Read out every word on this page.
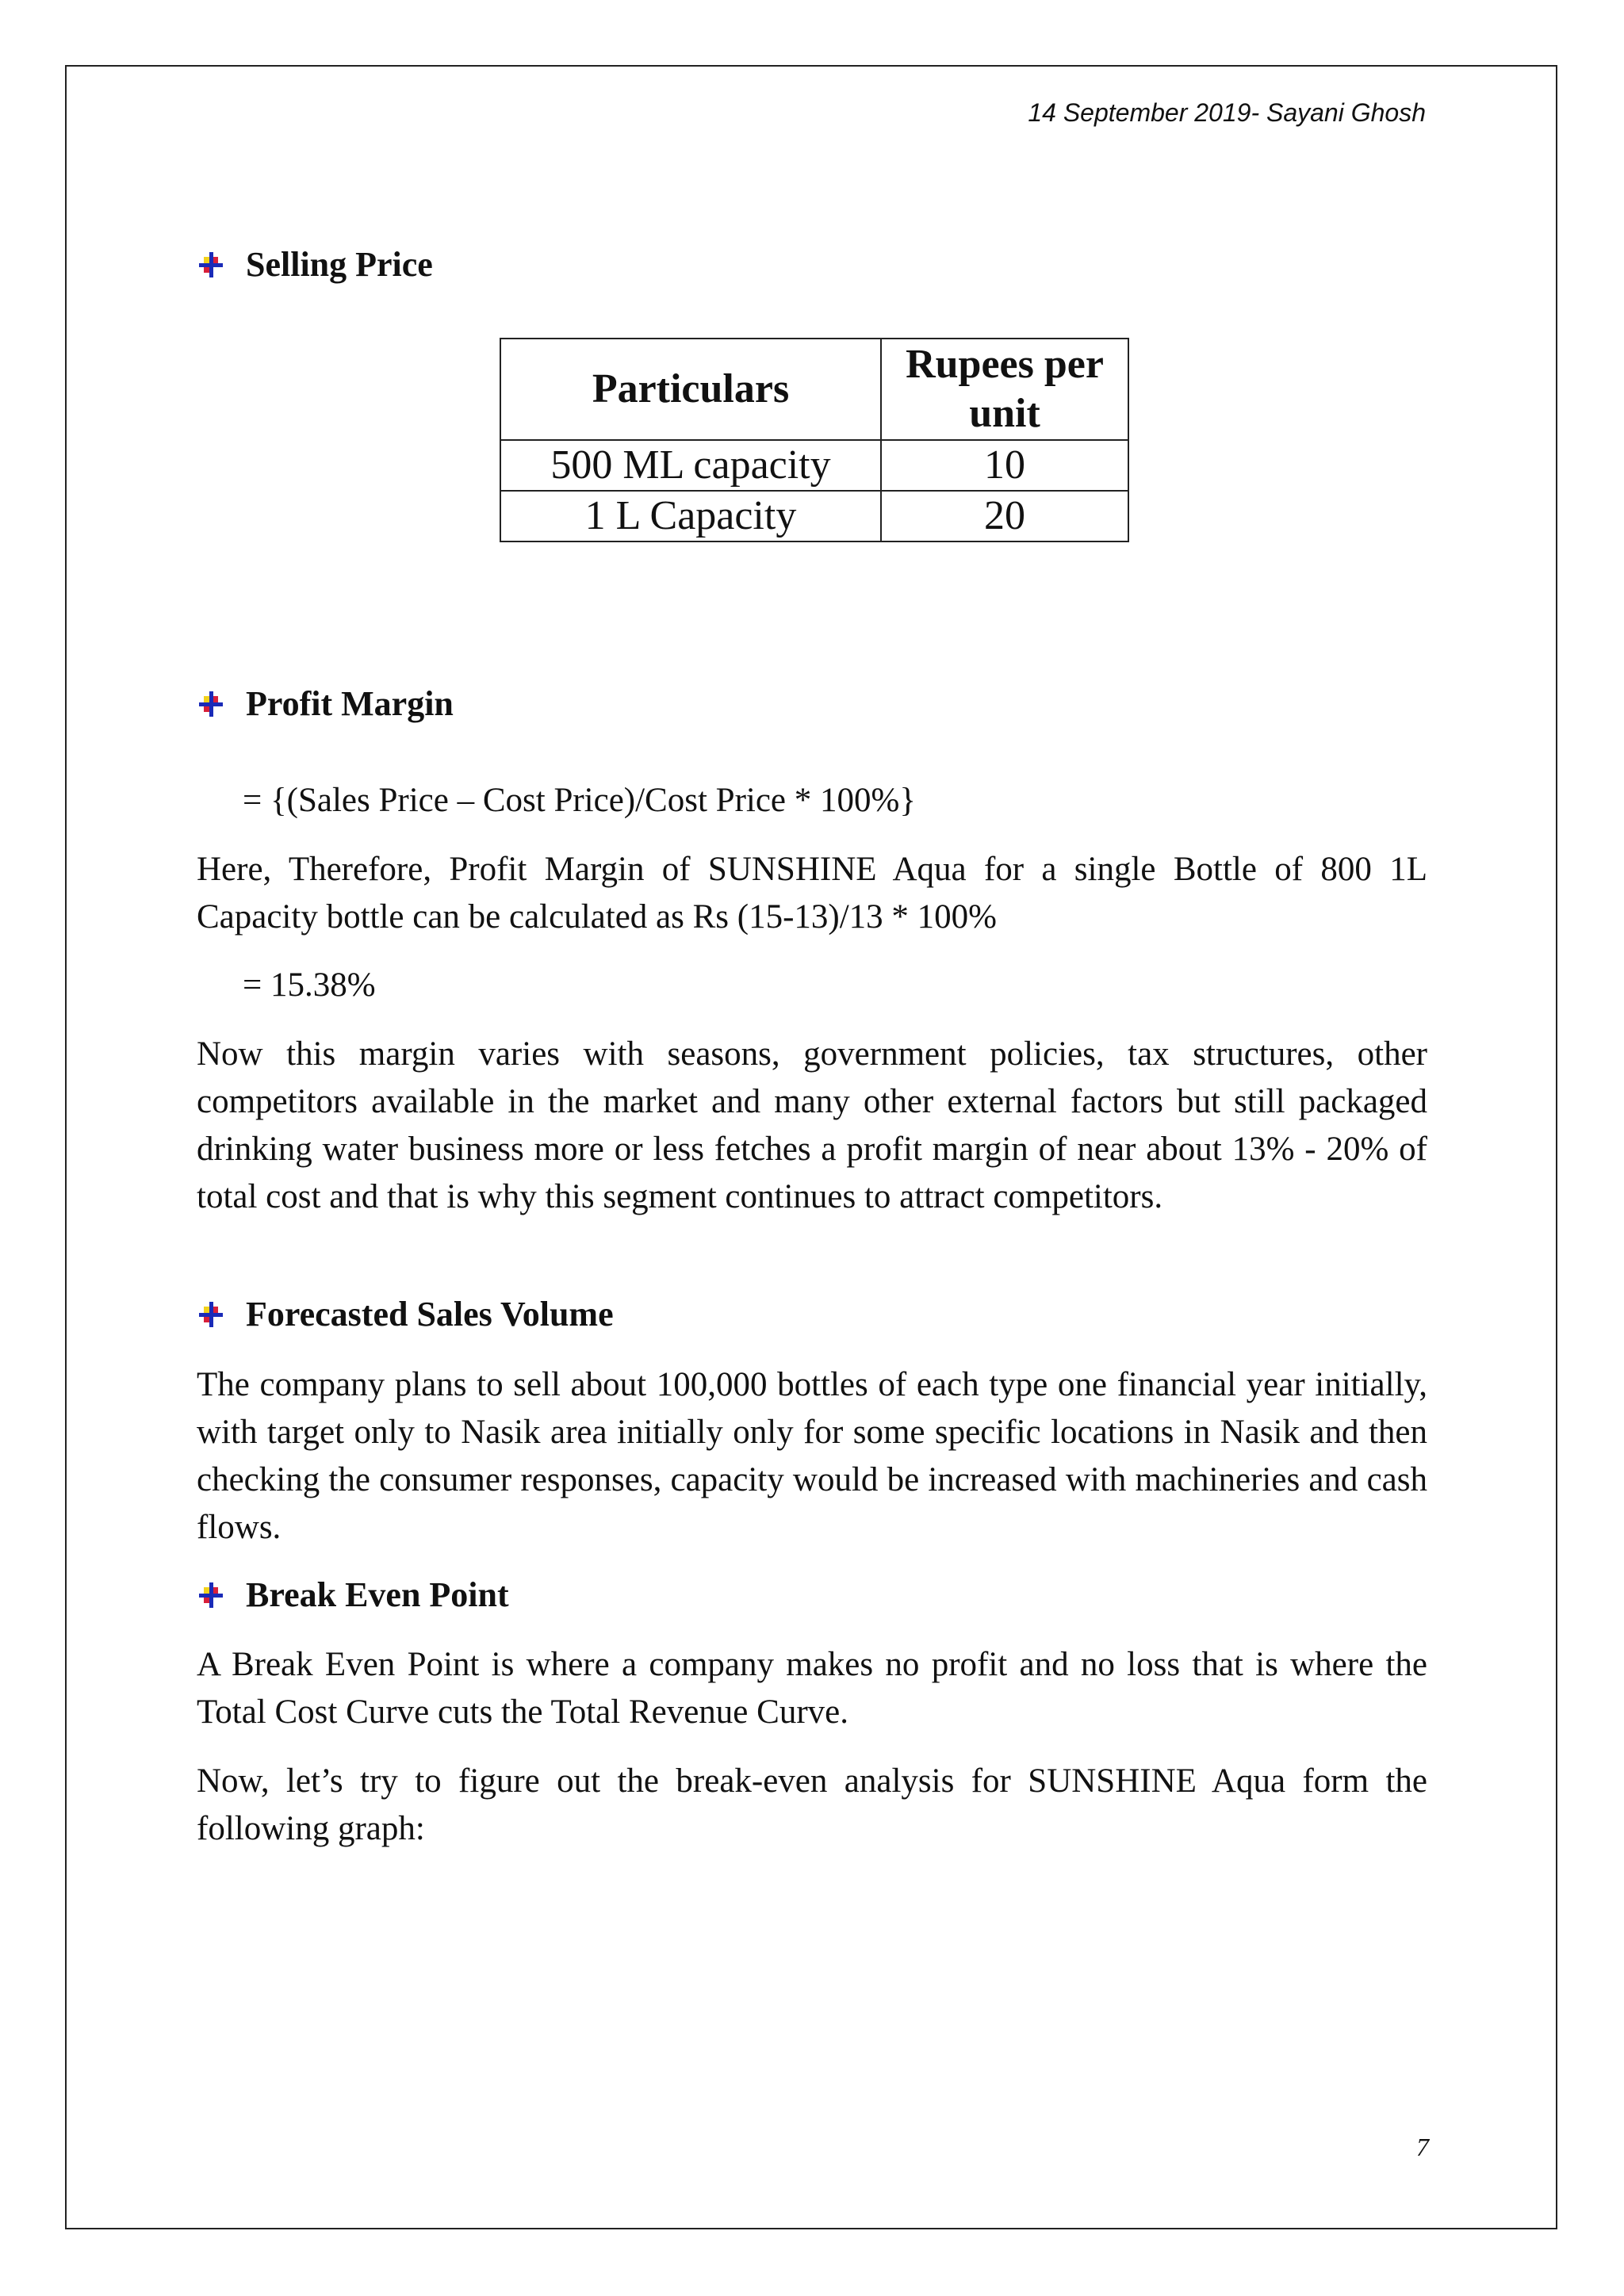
14 September 2019- Sayani Ghosh
Selling Price
Particulars	Rupees per unit
500 ML capacity	10
1 L Capacity	20
Profit Margin

= {(Sales Price – Cost Price)/Cost Price * 100%}

Here, Therefore, Profit Margin of SUNSHINE Aqua for a single Bottle of 800 1L Capacity bottle can be calculated as Rs (15-13)/13 * 100%

= 15.38%

Now this margin varies with seasons, government policies, tax structures, other competitors available in the market and many other external factors but still packaged drinking water business more or less fetches a profit margin of near about 13% - 20% of total cost and that is why this segment continues to attract competitors.

Forecasted Sales Volume

The company plans to sell about 100,000 bottles of each type one financial year initially, with target only to Nasik area initially only for some specific locations in Nasik and then checking the consumer responses, capacity would be increased with machineries and cash flows.

Break Even Point

A Break Even Point is where a company makes no profit and no loss that is where the Total Cost Curve cuts the Total Revenue Curve.

Now, let’s try to figure out the break-even analysis for SUNSHINE Aqua form the following graph:

7
